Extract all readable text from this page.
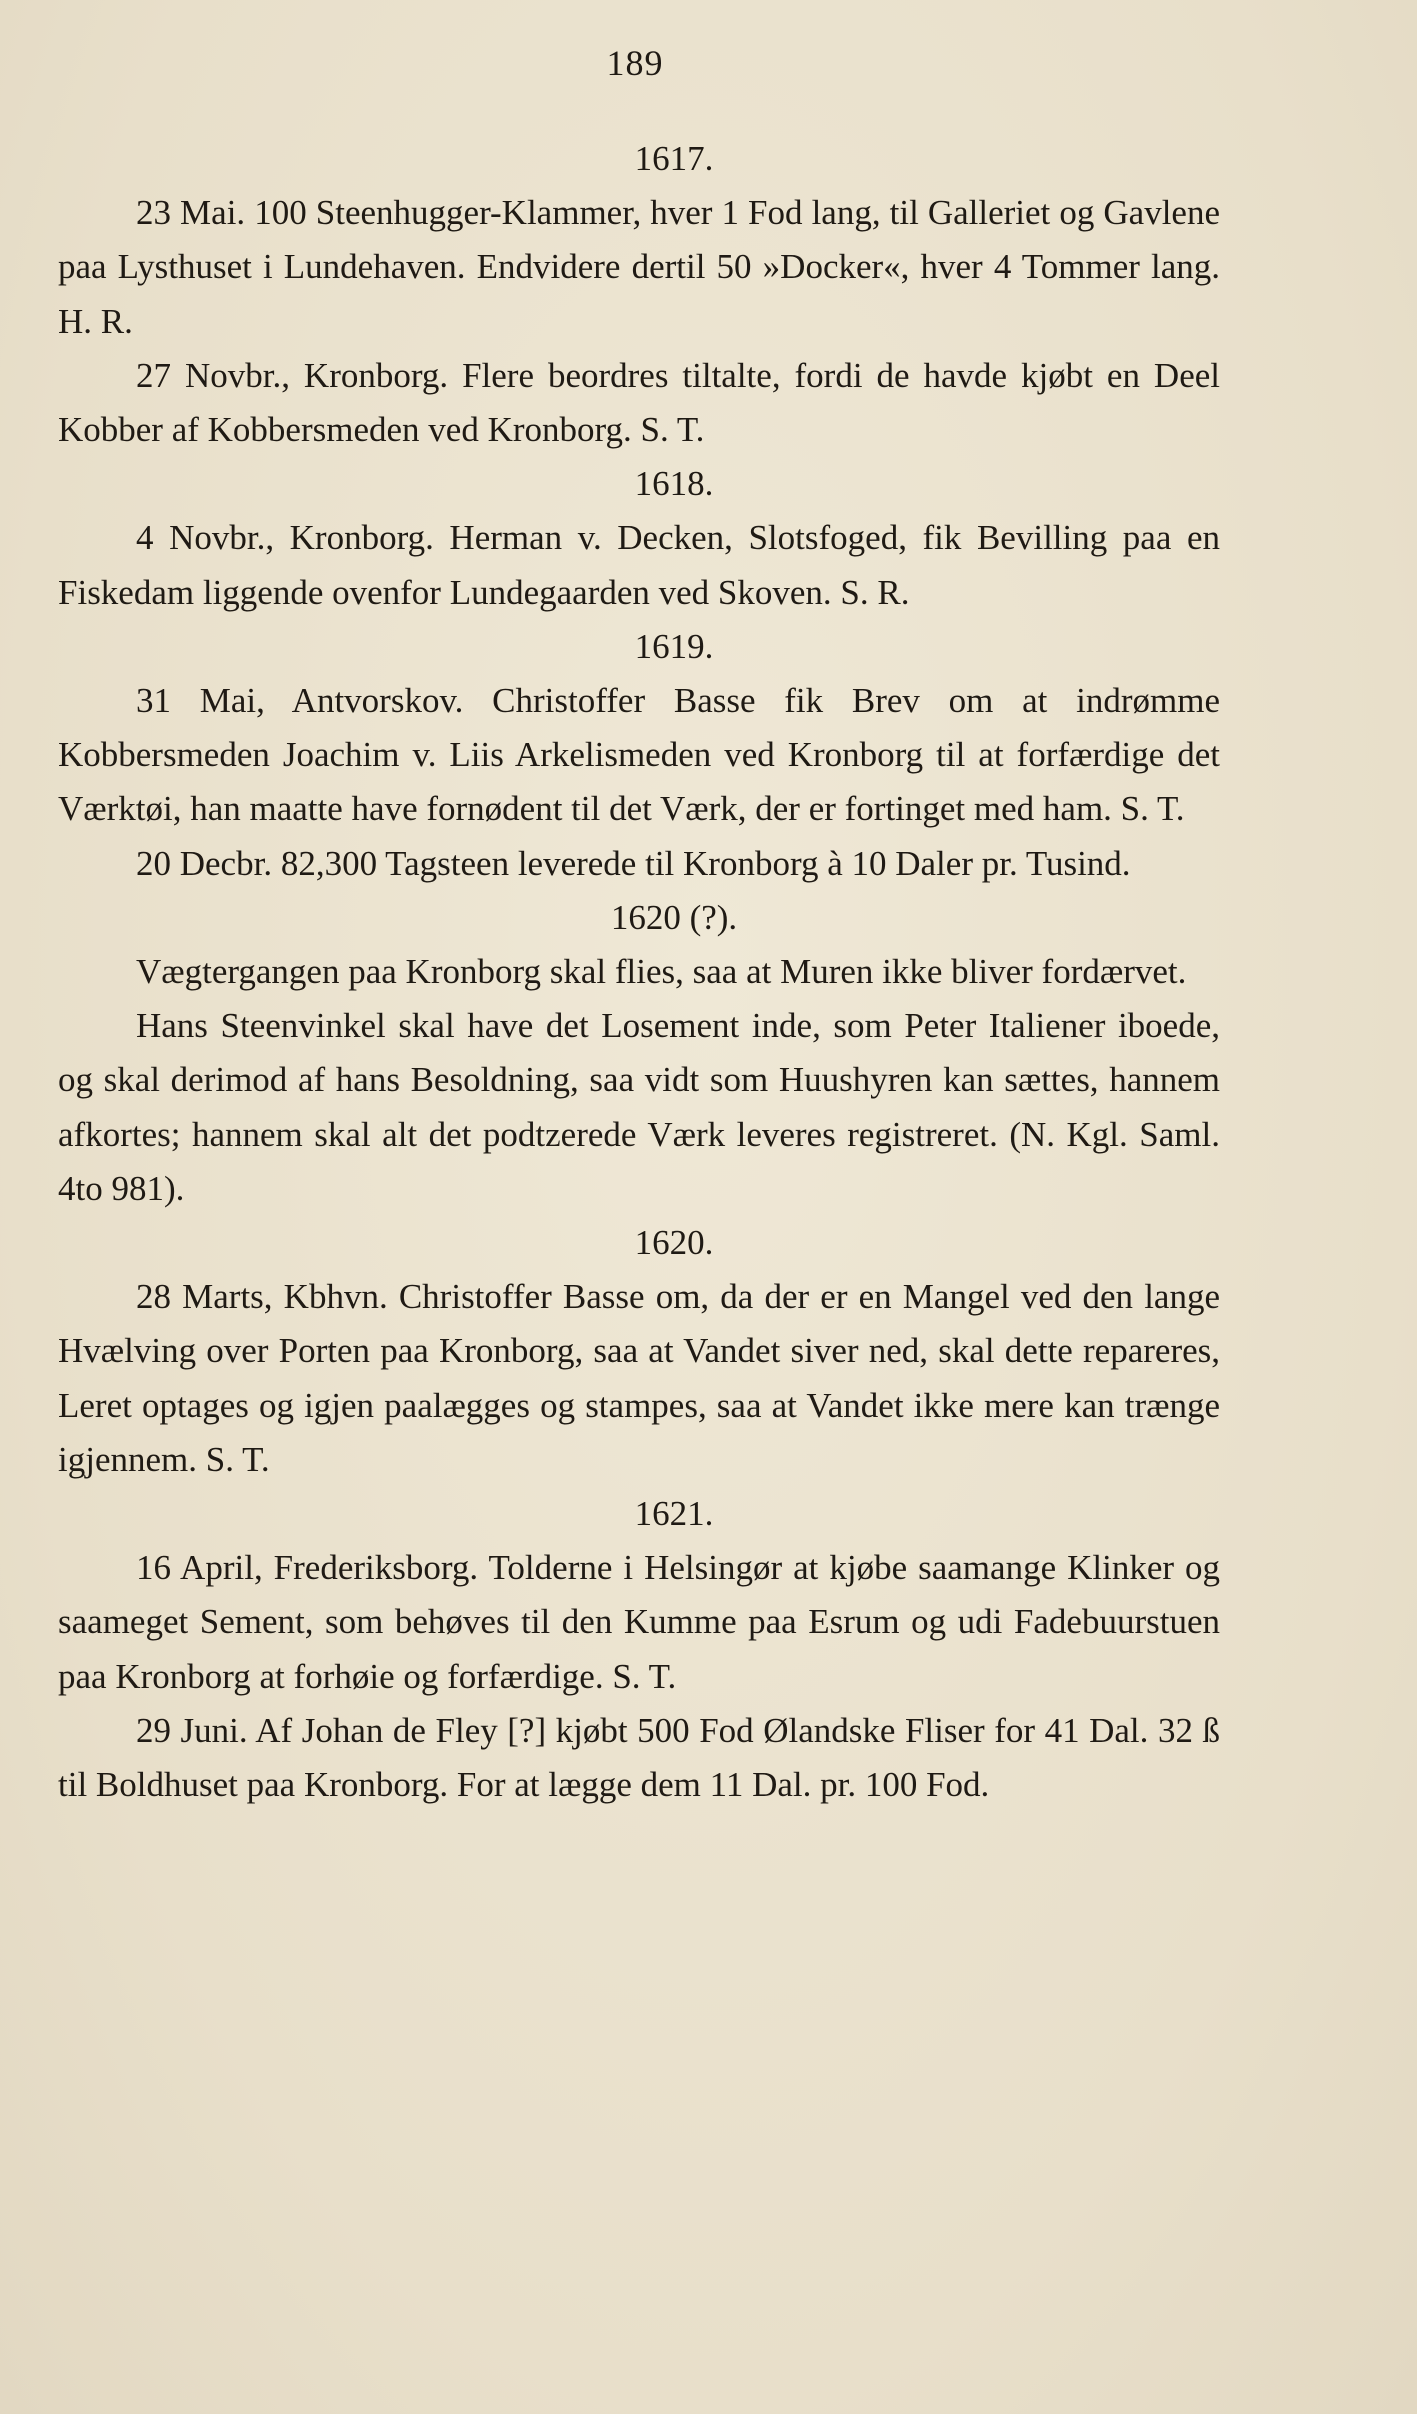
189

1617.

23 Mai. 100 Steenhugger-Klammer, hver 1 Fod lang, til Galleriet og Gavlene paa Lysthuset i Lundehaven. Endvidere dertil 50 »Docker«, hver 4 Tommer lang. H. R.

27 Novbr., Kronborg. Flere beordres tiltalte, fordi de havde kjøbt en Deel Kobber af Kobbersmeden ved Kronborg. S. T.

1618.

4 Novbr., Kronborg. Herman v. Decken, Slotsfoged, fik Bevilling paa en Fiskedam liggende ovenfor Lundegaarden ved Skoven. S. R.

1619.

31 Mai, Antvorskov. Christoffer Basse fik Brev om at indrømme Kobbersmeden Joachim v. Liis Arkelismeden ved Kronborg til at forfærdige det Værktøi, han maatte have fornødent til det Værk, der er fortinget med ham. S. T.

20 Decbr. 82,300 Tagsteen leverede til Kronborg à 10 Daler pr. Tusind.

1620 (?).

Vægtergangen paa Kronborg skal flies, saa at Muren ikke bliver fordærvet.

Hans Steenvinkel skal have det Losement inde, som Peter Italiener iboede, og skal derimod af hans Besoldning, saa vidt som Huushyren kan sættes, hannem afkortes; hannem skal alt det podtzerede Værk leveres registreret. (N. Kgl. Saml. 4to 981).

1620.

28 Marts, Kbhvn. Christoffer Basse om, da der er en Mangel ved den lange Hvælving over Porten paa Kronborg, saa at Vandet siver ned, skal dette repareres, Leret optages og igjen paalægges og stampes, saa at Vandet ikke mere kan trænge igjennem. S. T.

1621.

16 April, Frederiksborg. Tolderne i Helsingør at kjøbe saamange Klinker og saameget Sement, som behøves til den Kumme paa Esrum og udi Fadebuurstuen paa Kronborg at forhøie og forfærdige. S. T.

29 Juni. Af Johan de Fley [?] kjøbt 500 Fod Ølandske Fliser for 41 Dal. 32 ß til Boldhuset paa Kronborg. For at lægge dem 11 Dal. pr. 100 Fod.
